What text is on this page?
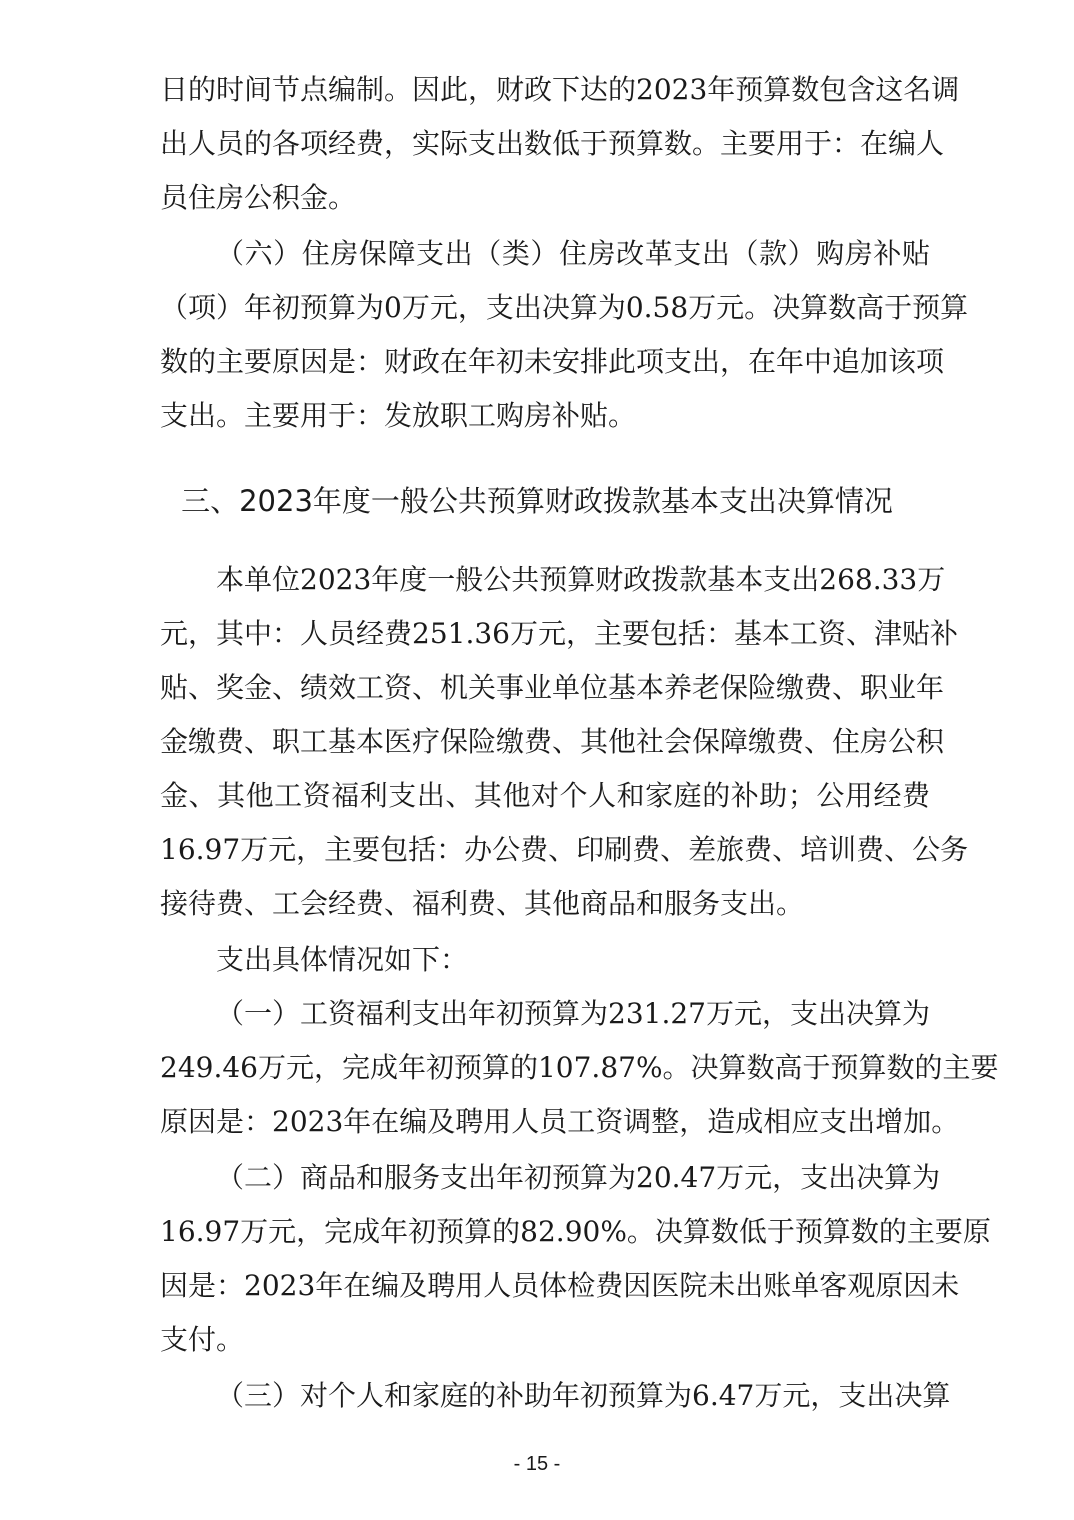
日的时间节点编制。因此，财政下达的2023年预算数包含这名调
出人员的各项经费，实际支出数低于预算数。主要用于：在编人
员住房公积金。
（六）住房保障支出（类）住房改革支出（款）购房补贴
（项）年初预算为0万元，支出决算为0.58万元。决算数高于预算
数的主要原因是：财政在年初未安排此项支出，在年中追加该项
支出。主要用于：发放职工购房补贴。
三、2023年度一般公共预算财政拨款基本支出决算情况
本单位2023年度一般公共预算财政拨款基本支出268.33万
元，其中：人员经费251.36万元，主要包括：基本工资、津贴补
贴、奖金、绩效工资、机关事业单位基本养老保险缴费、职业年
金缴费、职工基本医疗保险缴费、其他社会保障缴费、住房公积
金、其他工资福利支出、其他对个人和家庭的补助；公用经费
16.97万元，主要包括：办公费、印刷费、差旅费、培训费、公务
接待费、工会经费、福利费、其他商品和服务支出。
支出具体情况如下：
（一）工资福利支出年初预算为231.27万元，支出决算为
249.46万元，完成年初预算的107.87%。决算数高于预算数的主要
原因是：2023年在编及聘用人员工资调整，造成相应支出增加。
（二）商品和服务支出年初预算为20.47万元，支出决算为
16.97万元，完成年初预算的82.90%。决算数低于预算数的主要原
因是：2023年在编及聘用人员体检费因医院未出账单客观原因未
支付。
（三）对个人和家庭的补助年初预算为6.47万元，支出决算
- 15 -
